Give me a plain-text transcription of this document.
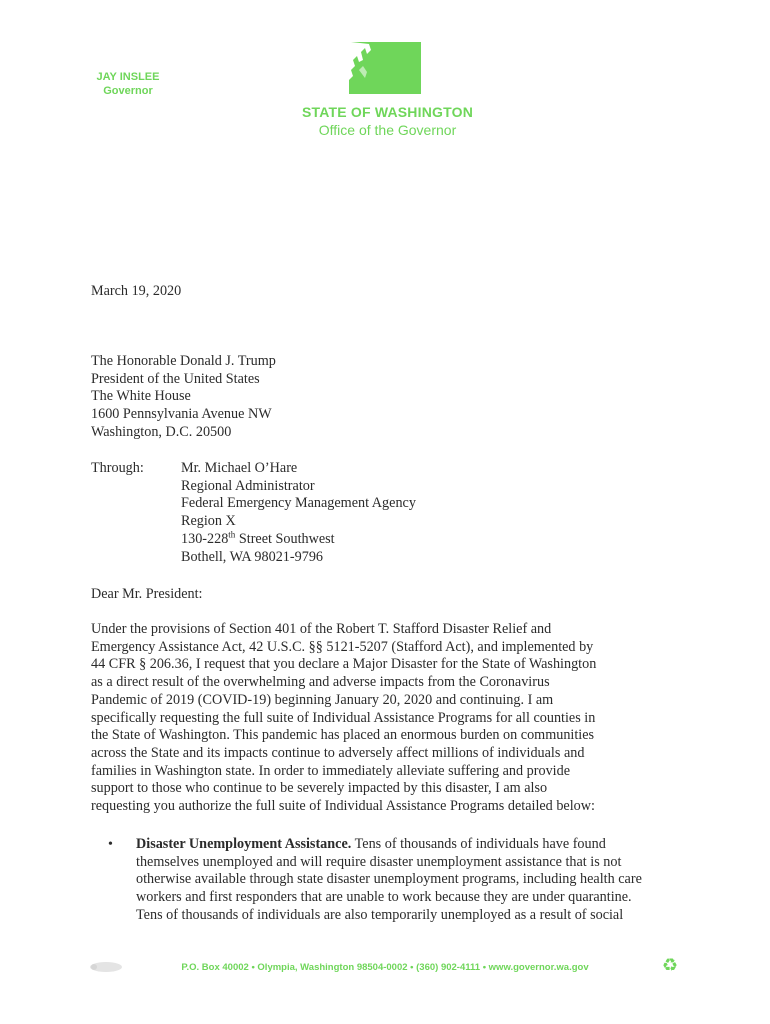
JAY INSLEE
Governor
STATE OF WASHINGTON
Office of the Governor
March 19, 2020
The Honorable Donald J. Trump
President of the United States
The White House
1600 Pennsylvania Avenue NW
Washington, D.C. 20500
Through:	Mr. Michael O’Hare
Regional Administrator
Federal Emergency Management Agency
Region X
130-228th Street Southwest
Bothell, WA 98021-9796
Dear Mr. President:
Under the provisions of Section 401 of the Robert T. Stafford Disaster Relief and
Emergency Assistance Act, 42 U.S.C. §§ 5121-5207 (Stafford Act), and implemented by
44 CFR § 206.36, I request that you declare a Major Disaster for the State of Washington
as a direct result of the overwhelming and adverse impacts from the Coronavirus
Pandemic of 2019 (COVID-19) beginning January 20, 2020 and continuing. I am
specifically requesting the full suite of Individual Assistance Programs for all counties in
the State of Washington. This pandemic has placed an enormous burden on communities
across the State and its impacts continue to adversely affect millions of individuals and
families in Washington state. In order to immediately alleviate suffering and provide
support to those who continue to be severely impacted by this disaster, I am also
requesting you authorize the full suite of Individual Assistance Programs detailed below:
• Disaster Unemployment Assistance. Tens of thousands of individuals have found
themselves unemployed and will require disaster unemployment assistance that is not
otherwise available through state disaster unemployment programs, including health care
workers and first responders that are unable to work because they are under quarantine.
Tens of thousands of individuals are also temporarily unemployed as a result of social
P.O. Box 40002 • Olympia, Washington 98504-0002 • (360) 902-4111 • www.governor.wa.gov	♻
